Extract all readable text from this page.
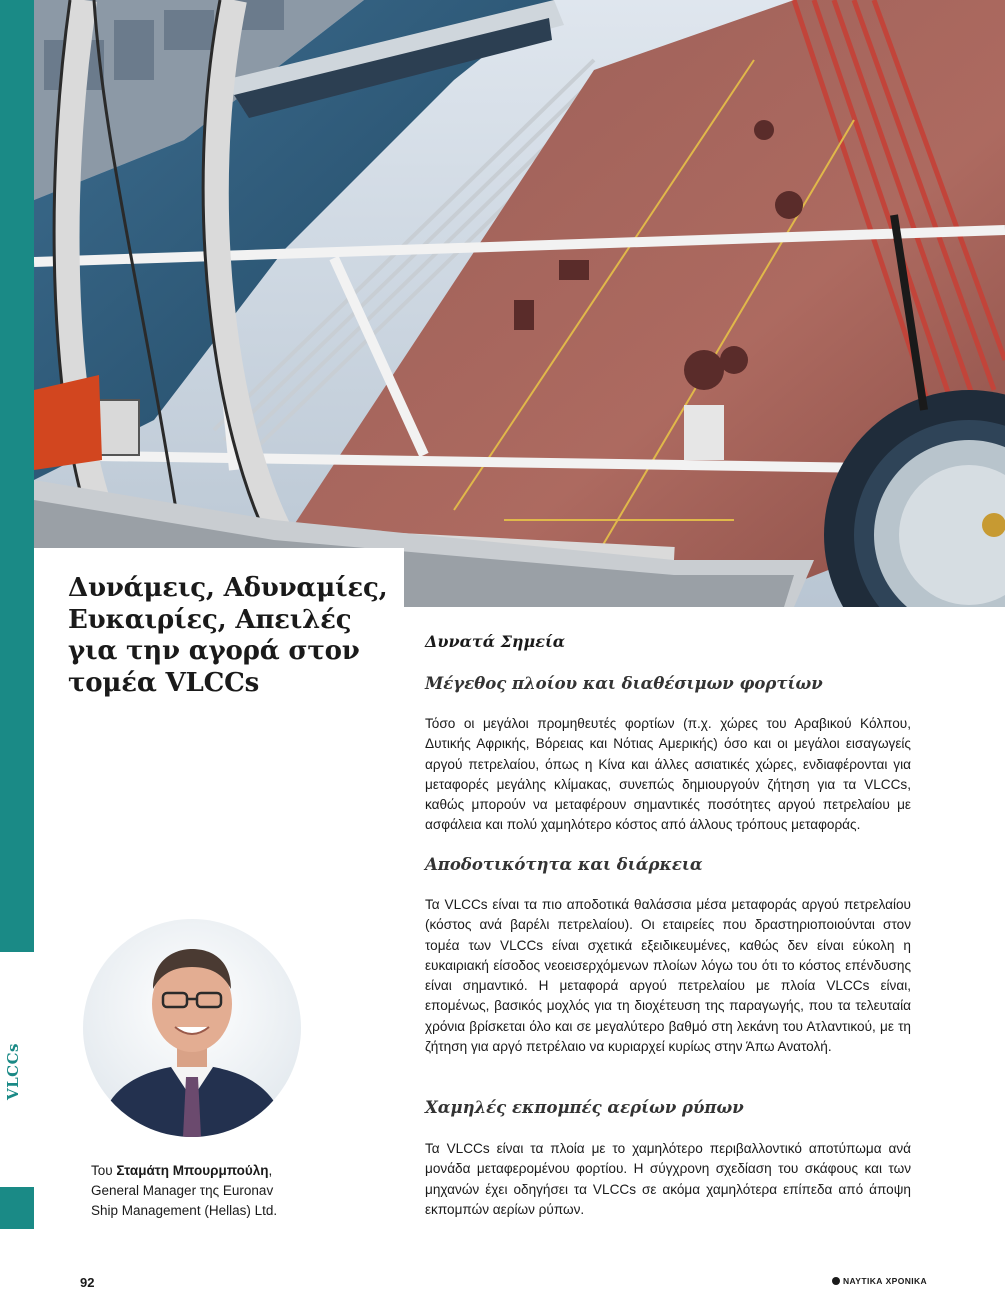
VLCCs
Δυνάμεις, Αδυναμίες, Ευκαιρίες, Απειλές για την αγορά στον τομέα VLCCs

Του Σταμάτη Μπουρμπούλη,
General Manager της Euronav
Ship Management (Hellas) Ltd.

Δυνατά Σημεία
Μέγεθος πλοίου και διαθέσιμων φορτίων

Τόσο οι μεγάλοι προμηθευτές φορτίων (π.χ. χώρες του Αραβικού Κόλπου, Δυτικής Αφρικής, Βόρειας και Νότιας Αμερικής) όσο και οι μεγάλοι εισαγωγείς αργού πετρελαίου, όπως η Κίνα και άλλες ασιατικές χώρες, ενδιαφέρονται για μεταφορές μεγάλης κλίμακας, συνεπώς δημιουργούν ζήτηση για τα VLCCs, καθώς μπορούν να μεταφέρουν σημαντικές ποσότητες αργού πετρελαίου με ασφάλεια και πολύ χαμηλότερο κόστος από άλλους τρόπους μεταφοράς.

Αποδοτικότητα και διάρκεια

Τα VLCCs είναι τα πιο αποδοτικά θαλάσσια μέσα μεταφοράς αργού πετρελαίου (κόστος ανά βαρέλι πετρελαίου). Οι εταιρείες που δραστηριοποιούνται στον τομέα των VLCCs είναι σχετικά εξειδικευμένες, καθώς δεν είναι εύκολη η ευκαιριακή είσοδος νεοεισερχόμενων πλοίων λόγω του ότι το κόστος επένδυσης είναι σημαντικό. Η μεταφορά αργού πετρελαίου με πλοία VLCCs είναι, επομένως, βασικός μοχλός για τη διοχέτευση της παραγωγής, που τα τελευταία χρόνια βρίσκεται όλο και σε μεγαλύτερο βαθμό στη λεκάνη του Ατλαντικού, με τη ζήτηση για αργό πετρέλαιο να κυριαρχεί κυρίως στην Άπω Ανατολή.

Χαμηλές εκπομπές αερίων ρύπων

Τα VLCCs είναι τα πλοία με το χαμηλότερο περιβαλλοντικό αποτύπωμα ανά μονάδα μεταφερομένου φορτίου. Η σύγχρονη σχεδίαση του σκάφους και των μηχανών έχει οδηγήσει τα VLCCs σε ακόμα χαμηλότερα επίπεδα από άποψη εκπομπών αερίων ρύπων.

92	ΝΑΥΤΙΚΑ ΧΡΟΝΙΚΑ
